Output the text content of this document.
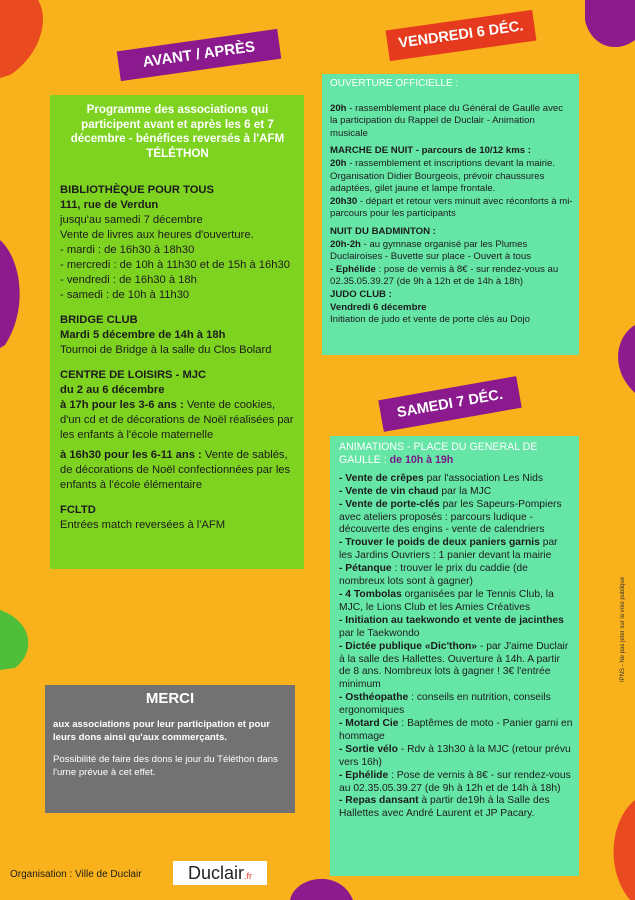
AVANT / APRÈS
VENDREDI 6 DÉC.
SAMEDI 7 DÉC.
Programme des associations qui participent avant et après les 6 et 7 décembre - bénéfices reversés à l'AFM TÉLÉTHON

BIBLIOTHÈQUE POUR TOUS

111, rue de Verdun

jusqu'au samedi 7 décembre

Vente de livres aux heures d'ouverture.

- mardi : de 16h30 à 18h30

- mercredi : de 10h à 11h30 et de 15h à 16h30

- vendredi : de 16h30 à 18h

- samedi : de 10h à 11h30

BRIDGE CLUB

Mardi 5 décembre de 14h à 18h

Tournoi de Bridge à la salle du Clos Bolard

CENTRE DE LOISIRS - MJC

du 2 au 6 décembre

à 17h pour les 3-6 ans : Vente de cookies, d'un cd et de décorations de Noël réalisées par les enfants à l'école maternelle

à 16h30 pour les 6-11 ans : Vente de sablés, de décorations de Noël confectionnées par les enfants à l'école élémentaire

FCLTD

Entrées match reversées à l'AFM

MERCI

aux associations pour leur participation et pour leurs dons ainsi qu'aux commerçants.

Possibilité de faire des dons le jour du Téléthon dans l'urne prévue à cet effet.

OUVERTURE OFFICIELLE :

20h - rassemblement place du Général de Gaulle avec la participation du Rappel de Duclair - Animation musicale

MARCHE DE NUIT - parcours de 10/12 kms :

20h - rassemblement et inscriptions devant la mairie. Organisation Didier Bourgeois, prévoir chaussures adaptées, gilet jaune et lampe frontale.

20h30 - départ et retour vers minuit avec réconforts à mi-parcours pour les participants

NUIT DU BADMINTON :

20h-2h - au gymnase organisé par les Plumes Duclairoises - Buvette sur place - Ouvert à tous

- Ephélide : pose de vernis à 8€ - sur rendez-vous au 02.35.05.39.27 (de 9h à 12h et de 14h à 18h)

JUDO CLUB :

Vendredi 6 décembre

Initiation de judo et vente de porte clés au Dojo

ANIMATIONS - PLACE DU GENERAL DE GAULLE : de 10h à 19h

- Vente de crêpes par l'association Les Nids

- Vente de vin chaud par la MJC

- Vente de porte-clés par les Sapeurs-Pompiers avec ateliers proposés : parcours ludique - découverte des engins - vente de calendriers

- Trouver le poids de deux paniers garnis par les Jardins Ouvriers : 1 panier devant la mairie

- Pétanque : trouver le prix du caddie (de nombreux lots sont à gagner)

- 4 Tombolas organisées par le Tennis Club, la MJC, le Lions Club et les Amies Créatives

- Initiation au taekwondo et vente de jacinthes par le Taekwondo

- Dictée publique «Dic'thon» - par J'aime Duclair à la salle des Hallettes. Ouverture à 14h. A partir de 8 ans. Nombreux lots à gagner ! 3€ l'entrée minimum

- Osthéopathe : conseils en nutrition, conseils ergonomiques

- Motard Cie : Baptêmes de moto - Panier garni en hommage

- Sortie vélo - Rdv à 13h30 à la MJC (retour prévu vers 16h)

- Ephélide : Pose de vernis à 8€ - sur rendez-vous au 02.35.05.39.27 (de 9h à 12h et de 14h à 18h)

- Repas dansant à partir de19h à la Salle des Hallettes avec André Laurent et JP Pacary.

IPNS - Ne pas jeter sur la voie publique
Organisation : Ville de Duclair	Duclair.fr
